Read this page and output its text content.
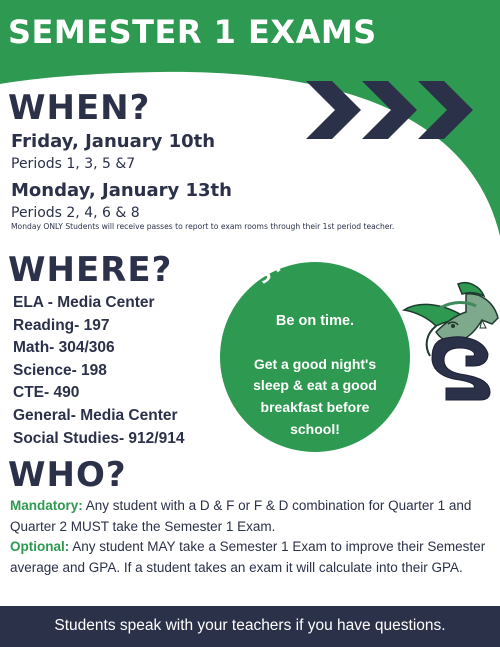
SEMESTER 1 EXAMS
WHEN?
Friday, January 10th
Periods 1, 3, 5 &7
Monday, January 13th
Periods 2, 4, 6 & 8
Monday ONLY Students will receive passes to report to exam rooms through their 1st period teacher.
WHERE?
ELA - Media Center
Reading- 197
Math- 304/306
Science- 198
CTE- 490
General- Media Center
Social Studies- 912/914
STINGRAYS
Be on time.
Get a good night's
sleep & eat a good
breakfast before
school!
WHO?

Mandatory: Any student with a D & F or F & D combination for Quarter 1 and Quarter 2 MUST take the Semester 1 Exam.

Optional: Any student MAY take a Semester 1 Exam to improve their Semester average and GPA. If a student takes an exam it will calculate into their GPA.

Students speak with your teachers if you have questions.
